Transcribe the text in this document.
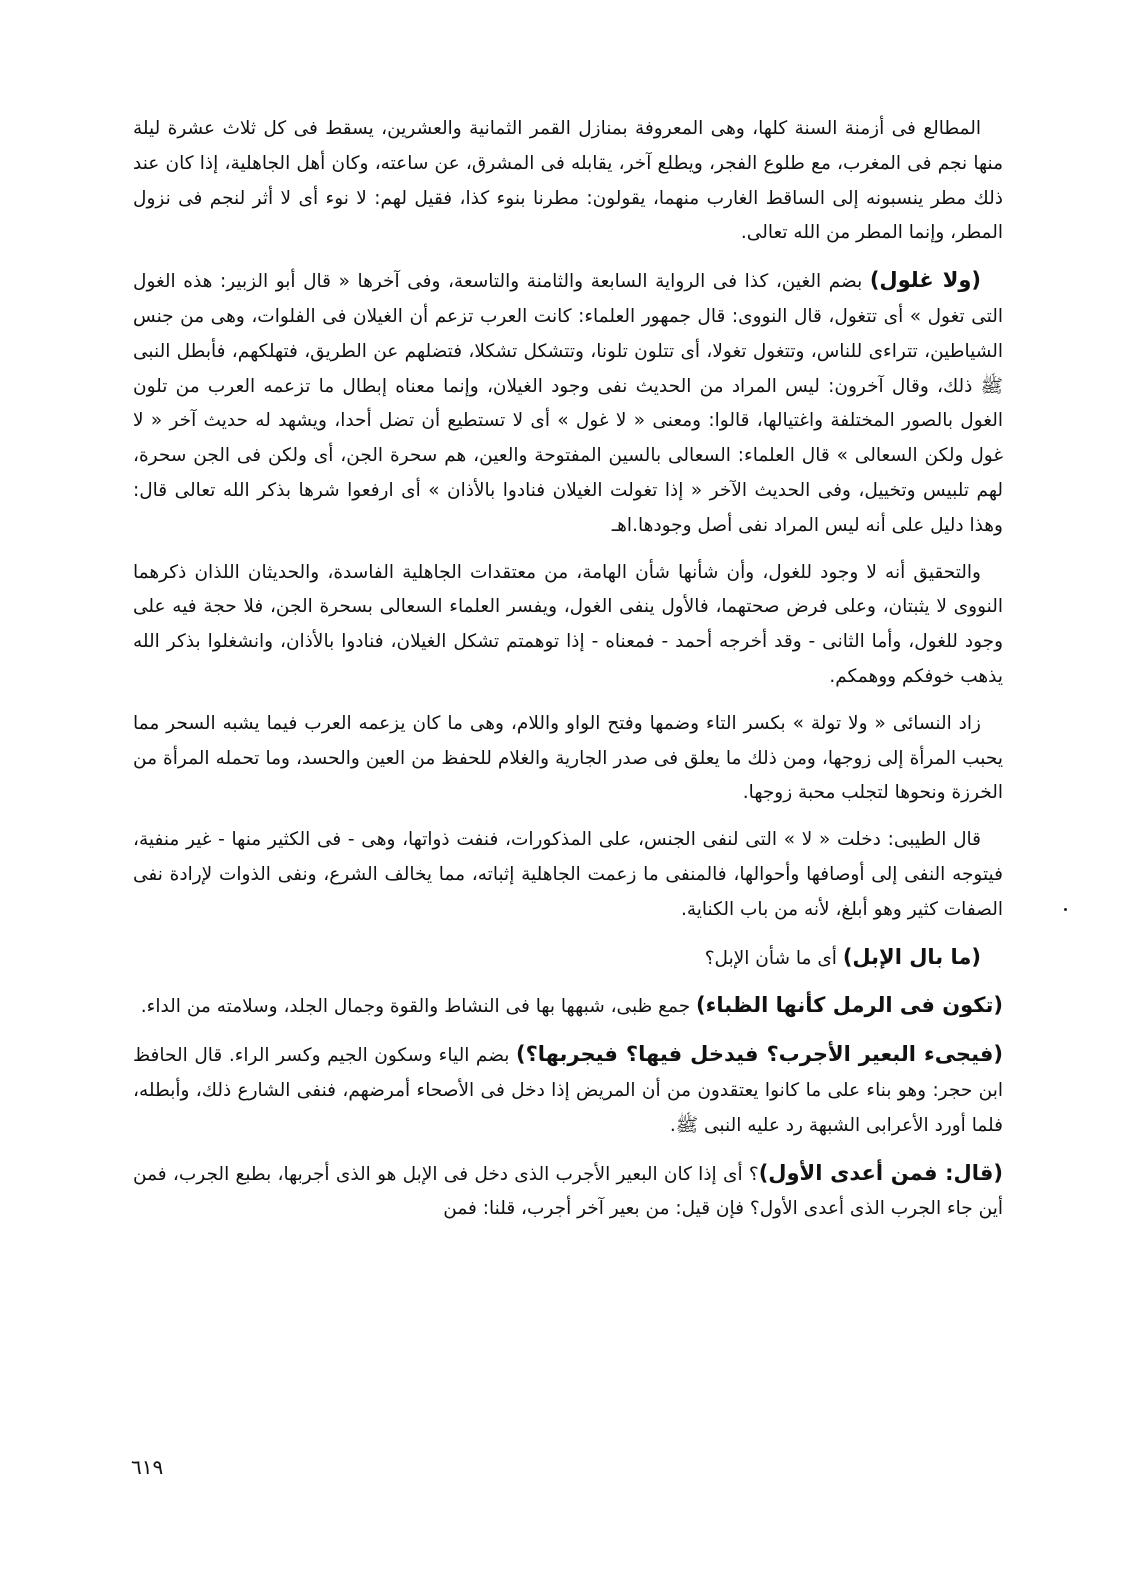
المطالع فى أزمنة السنة كلها، وهى المعروفة بمنازل القمر الثمانية والعشرين، يسقط فى كل ثلاث عشرة ليلة منها نجم فى المغرب، مع طلوع الفجر، ويطلع آخر، يقابله فى المشرق، عن ساعته، وكان أهل الجاهلية، إذا كان عند ذلك مطر ينسبونه إلى الساقط الغارب منهما، يقولون: مطرنا بنوء كذا، فقيل لهم: لا نوء أى لا أثر لنجم فى نزول المطر، وإنما المطر من الله تعالى.

(ولا غلول) بضم الغين، كذا فى الرواية السابعة والثامنة والتاسعة، وفى آخرها « قال أبو الزبير: هذه الغول التى تغول » أى تتغول، قال النووى: قال جمهور العلماء: كانت العرب تزعم أن الغيلان فى الفلوات، وهى من جنس الشياطين، تتراءى للناس، وتتغول تغولا، أى تتلون تلونا، وتتشكل تشكلا، فتضلهم عن الطريق، فتهلكهم، فأبطل النبى ﷺ ذلك، وقال آخرون: ليس المراد من الحديث نفى وجود الغيلان، وإنما معناه إبطال ما تزعمه العرب من تلون الغول بالصور المختلفة واغتيالها، قالوا: ومعنى « لا غول » أى لا تستطيع أن تضل أحدا، ويشهد له حديث آخر « لا غول ولكن السعالى » قال العلماء: السعالى بالسين المفتوحة والعين، هم سحرة الجن، أى ولكن فى الجن سحرة، لهم تلبيس وتخييل، وفى الحديث الآخر « إذا تغولت الغيلان فنادوا بالأذان » أى ارفعوا شرها بذكر الله تعالى قال: وهذا دليل على أنه ليس المراد نفى أصل وجودها.اهـ

والتحقيق أنه لا وجود للغول، وأن شأنها شأن الهامة، من معتقدات الجاهلية الفاسدة، والحديثان اللذان ذكرهما النووى لا يثبتان، وعلى فرض صحتهما، فالأول ينفى الغول، ويفسر العلماء السعالى بسحرة الجن، فلا حجة فيه على وجود للغول، وأما الثانى - وقد أخرجه أحمد - فمعناه - إذا توهمتم تشكل الغيلان، فنادوا بالأذان، وانشغلوا بذكر الله يذهب خوفكم ووهمكم.

زاد النسائى « ولا تولة » بكسر التاء وضمها وفتح الواو واللام، وهى ما كان يزعمه العرب فيما يشبه السحر مما يحبب المرأة إلى زوجها، ومن ذلك ما يعلق فى صدر الجارية والغلام للحفظ من العين والحسد، وما تحمله المرأة من الخرزة ونحوها لتجلب محبة زوجها.

قال الطيبى: دخلت « لا » التى لنفى الجنس، على المذكورات، فنفت ذواتها، وهى - فى الكثير منها - غير منفية، فيتوجه النفى إلى أوصافها وأحوالها، فالمنفى ما زعمت الجاهلية إثباته، مما يخالف الشرع، ونفى الذوات لإرادة نفى الصفات كثير وهو أبلغ، لأنه من باب الكناية.

(ما بال الإبل) أى ما شأن الإبل؟

(تكون فى الرمل كأنها الظباء) جمع ظبى، شبهها بها فى النشاط والقوة وجمال الجلد، وسلامته من الداء.

(فيجىء البعير الأجرب؟ فيدخل فيها؟ فيجربها؟) بضم الياء وسكون الجيم وكسر الراء. قال الحافظ ابن حجر: وهو بناء على ما كانوا يعتقدون من أن المريض إذا دخل فى الأصحاء أمرضهم، فنفى الشارع ذلك، وأبطله، فلما أورد الأعرابى الشبهة رد عليه النبى ﷺ.

(قال: فمن أعدى الأول)؟ أى إذا كان البعير الأجرب الذى دخل فى الإبل هو الذى أجربها، بطبع الجرب، فمن أين جاء الجرب الذى أعدى الأول؟ فإن قيل: من بعير آخر أجرب، قلنا: فمن

٦١٩
